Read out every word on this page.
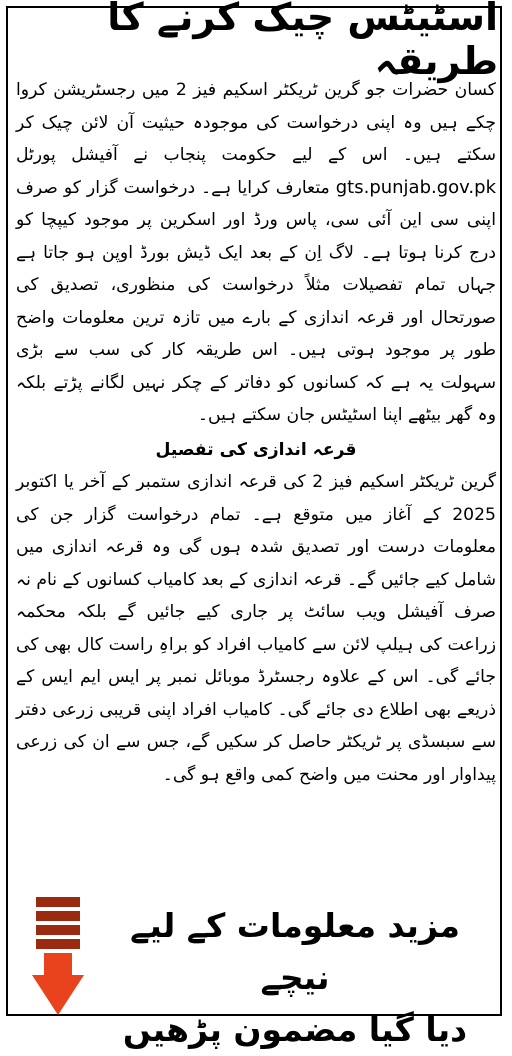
اسٹیٹس چیک کرنے کا طریقہ

کسان حضرات جو گرین ٹریکٹر اسکیم فیز 2 میں رجسٹریشن کروا چکے ہیں وہ اپنی درخواست کی موجودہ حیثیت آن لائن چیک کر سکتے ہیں۔ اس کے لیے حکومت پنجاب نے آفیشل پورٹل gts.punjab.gov.pk متعارف کرایا ہے۔ درخواست گزار کو صرف اپنی سی این آئی سی، پاس ورڈ اور اسکرین پر موجود کیپچا کو درج کرنا ہوتا ہے۔ لاگ اِن کے بعد ایک ڈیش بورڈ اوپن ہو جاتا ہے جہاں تمام تفصیلات مثلاً درخواست کی منظوری، تصدیق کی صورتحال اور قرعہ اندازی کے بارے میں تازہ ترین معلومات واضح طور پر موجود ہوتی ہیں۔ اس طریقہ کار کی سب سے بڑی سہولت یہ ہے کہ کسانوں کو دفاتر کے چکر نہیں لگانے پڑتے بلکہ وہ گھر بیٹھے اپنا اسٹیٹس جان سکتے ہیں۔

قرعہ اندازی کی تفصیل

گرین ٹریکٹر اسکیم فیز 2 کی قرعہ اندازی ستمبر کے آخر یا اکتوبر 2025 کے آغاز میں متوقع ہے۔ تمام درخواست گزار جن کی معلومات درست اور تصدیق شدہ ہوں گی وہ قرعہ اندازی میں شامل کیے جائیں گے۔ قرعہ اندازی کے بعد کامیاب کسانوں کے نام نہ صرف آفیشل ویب سائٹ پر جاری کیے جائیں گے بلکہ محکمہ زراعت کی ہیلپ لائن سے کامیاب افراد کو براہِ راست کال بھی کی جائے گی۔ اس کے علاوہ رجسٹرڈ موبائل نمبر پر ایس ایم ایس کے ذریعے بھی اطلاع دی جائے گی۔ کامیاب افراد اپنی قریبی زرعی دفتر سے سبسڈی پر ٹریکٹر حاصل کر سکیں گے، جس سے ان کی زرعی پیداوار اور محنت میں واضح کمی واقع ہو گی۔

مزید معلومات کے لیے نیچے
دیا گیا مضمون پڑھیں
